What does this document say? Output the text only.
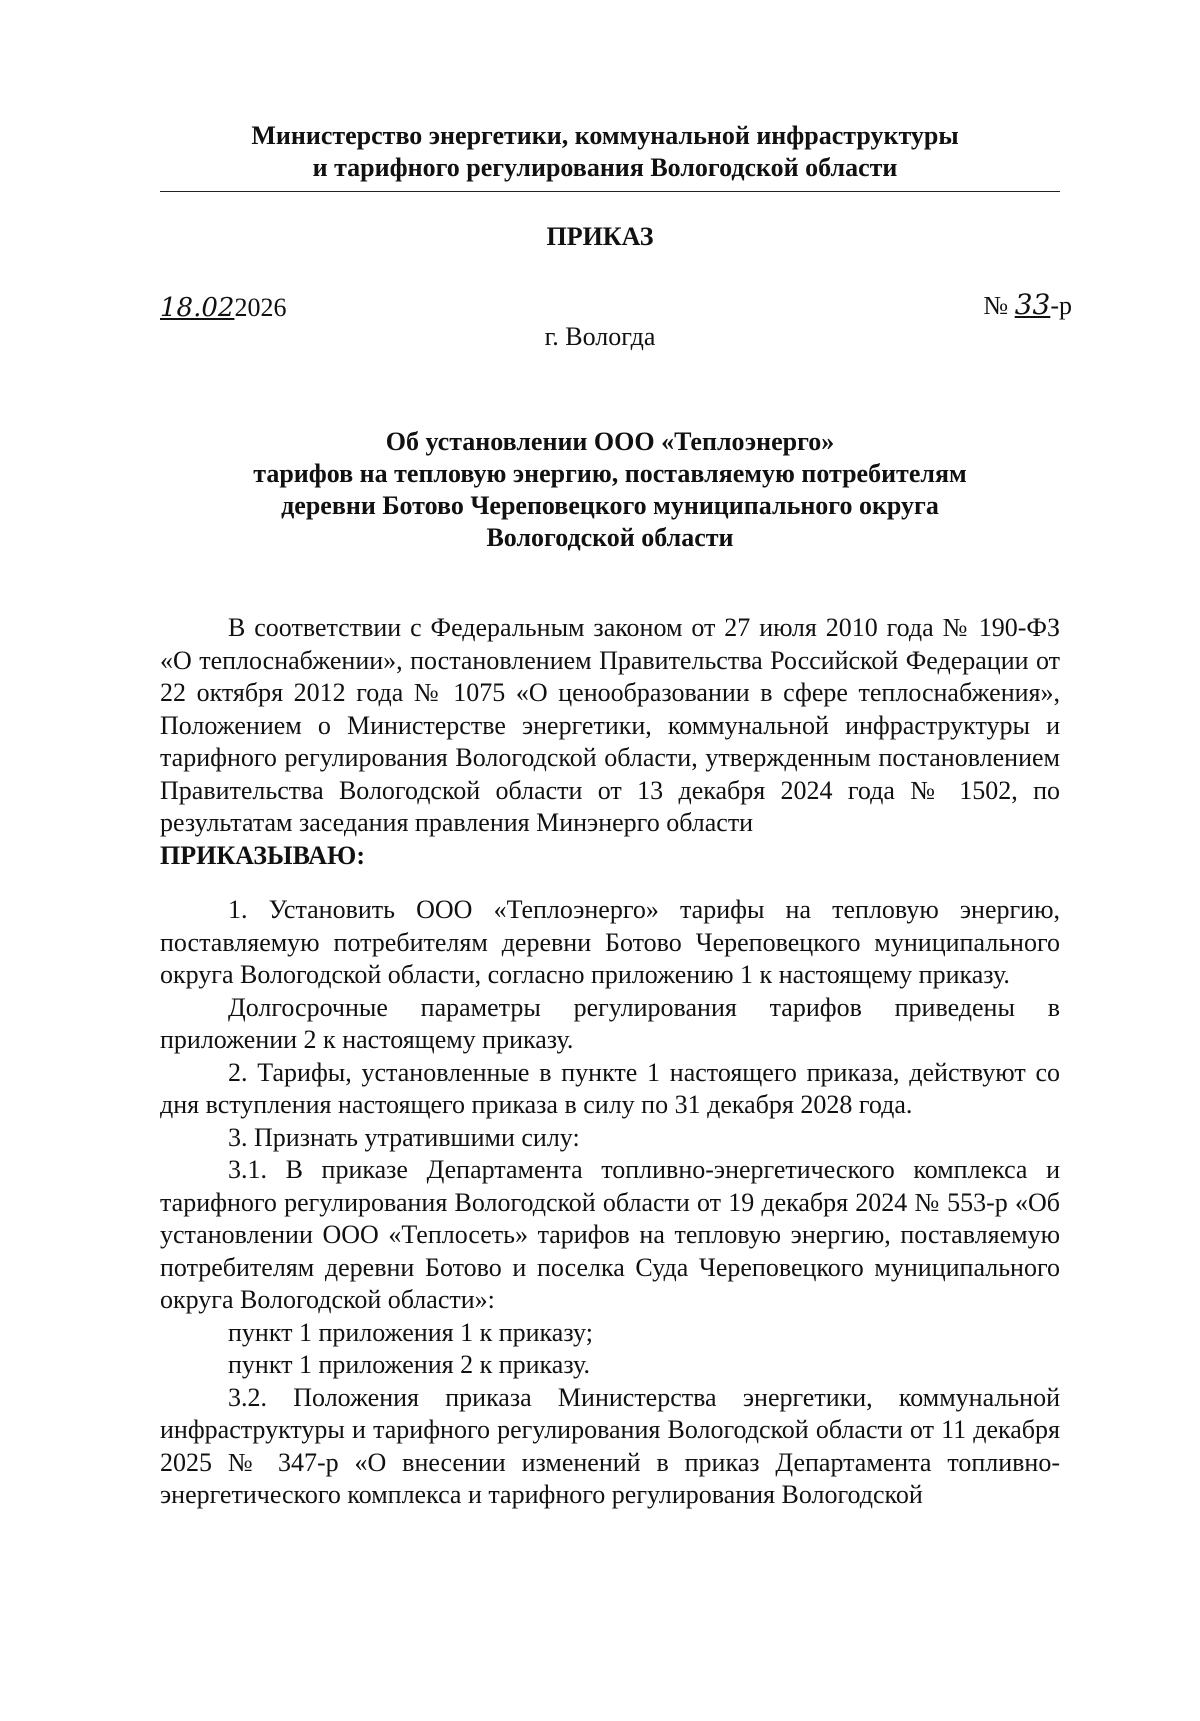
Министерство энергетики, коммунальной инфраструктуры
и тарифного регулирования Вологодской области
ПРИКАЗ
18.022026	№ 33-р
г. Вологда
Об установлении ООО «Теплоэнерго»
тарифов на тепловую энергию, поставляемую потребителям
деревни Ботово Череповецкого муниципального округа
Вологодской области

В соответствии с Федеральным законом от 27 июля 2010 года № 190-ФЗ «О теплоснабжении», постановлением Правительства Российской Федерации от 22 октября 2012 года № 1075 «О ценообразовании в сфере теплоснабжения», Положением о Министерстве энергетики, коммунальной инфраструктуры и тарифного регулирования Вологодской области, утвержденным постановлением Правительства Вологодской области от 13 декабря 2024 года № 1502, по результатам заседания правления Минэнерго области

ПРИКАЗЫВАЮ:

1. Установить ООО «Теплоэнерго» тарифы на тепловую энергию, поставляемую потребителям деревни Ботово Череповецкого муниципального округа Вологодской области, согласно приложению 1 к настоящему приказу.

Долгосрочные параметры регулирования тарифов приведены в приложении 2 к настоящему приказу.

2. Тарифы, установленные в пункте 1 настоящего приказа, действуют со дня вступления настоящего приказа в силу по 31 декабря 2028 года.

3. Признать утратившими силу:

3.1. В приказе Департамента топливно-энергетического комплекса и тарифного регулирования Вологодской области от 19 декабря 2024 № 553-р «Об установлении ООО «Теплосеть» тарифов на тепловую энергию, поставляемую потребителям деревни Ботово и поселка Суда Череповецкого муниципального округа Вологодской области»:

пункт 1 приложения 1 к приказу;

пункт 1 приложения 2 к приказу.

3.2. Положения приказа Министерства энергетики, коммунальной инфраструктуры и тарифного регулирования Вологодской области от 11 декабря 2025 № 347-р «О внесении изменений в приказ Департамента топливно-энергетического комплекса и тарифного регулирования Вологодской
